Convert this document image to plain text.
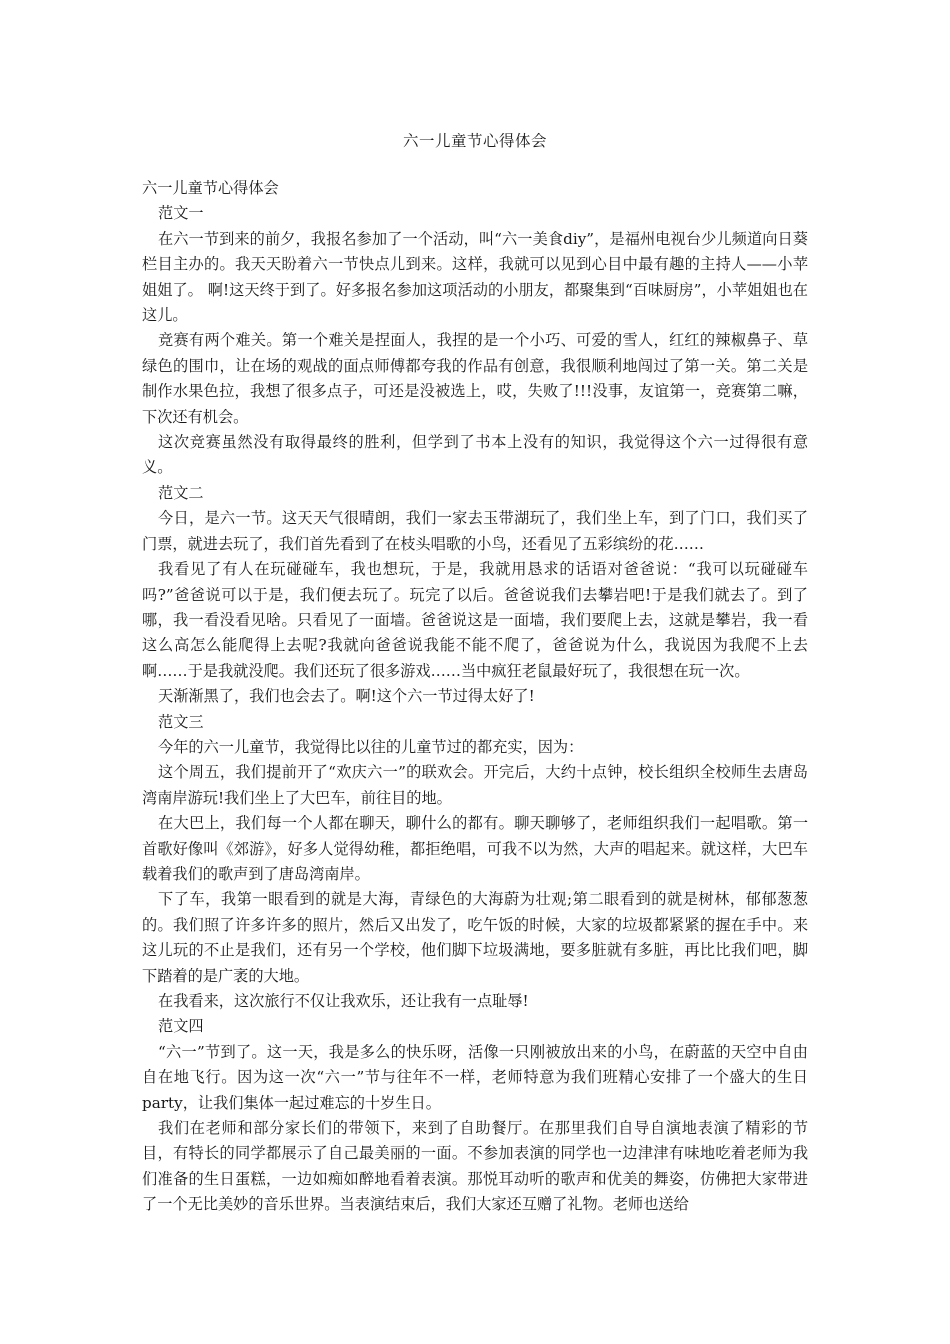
六一儿童节心得体会

六一儿童节心得体会

范文一

在六一节到来的前夕，我报名参加了一个活动，叫“六一美食diy”，是福州电视台少儿频道向日葵栏目主办的。我天天盼着六一节快点儿到来。这样，我就可以见到心目中最有趣的主持人——小苹姐姐了。 啊!这天终于到了。好多报名参加这项活动的小朋友，都聚集到“百味厨房”，小苹姐姐也在这儿。

竞赛有两个难关。第一个难关是捏面人，我捏的是一个小巧、可爱的雪人，红红的辣椒鼻子、草绿色的围巾，让在场的观战的面点师傅都夸我的作品有创意，我很顺利地闯过了第一关。第二关是制作水果色拉，我想了很多点子，可还是没被选上，哎，失败了!!!没事，友谊第一，竞赛第二嘛，下次还有机会。

这次竞赛虽然没有取得最终的胜利，但学到了书本上没有的知识，我觉得这个六一过得很有意义。

范文二

今日，是六一节。这天天气很晴朗，我们一家去玉带湖玩了，我们坐上车，到了门口，我们买了门票，就进去玩了，我们首先看到了在枝头唱歌的小鸟，还看见了五彩缤纷的花……

我看见了有人在玩碰碰车，我也想玩，于是，我就用恳求的话语对爸爸说：“我可以玩碰碰车吗?”爸爸说可以于是，我们便去玩了。玩完了以后。爸爸说我们去攀岩吧!于是我们就去了。到了哪，我一看没看见啥。只看见了一面墙。爸爸说这是一面墙，我们要爬上去，这就是攀岩，我一看这么高怎么能爬得上去呢?我就向爸爸说我能不能不爬了，爸爸说为什么，我说因为我爬不上去啊……于是我就没爬。我们还玩了很多游戏……当中疯狂老鼠最好玩了，我很想在玩一次。

天渐渐黑了，我们也会去了。啊!这个六一节过得太好了!

范文三

今年的六一儿童节，我觉得比以往的儿童节过的都充实，因为：

这个周五，我们提前开了“欢庆六一”的联欢会。开完后，大约十点钟，校长组织全校师生去唐岛湾南岸游玩!我们坐上了大巴车，前往目的地。

在大巴上，我们每一个人都在聊天，聊什么的都有。聊天聊够了，老师组织我们一起唱歌。第一首歌好像叫《郊游》，好多人觉得幼稚，都拒绝唱，可我不以为然，大声的唱起来。就这样，大巴车载着我们的歌声到了唐岛湾南岸。

下了车，我第一眼看到的就是大海，青绿色的大海蔚为壮观;第二眼看到的就是树林，郁郁葱葱的。我们照了许多许多的照片，然后又出发了，吃午饭的时候，大家的垃圾都紧紧的握在手中。来这儿玩的不止是我们，还有另一个学校，他们脚下垃圾满地，要多脏就有多脏，再比比我们吧，脚下踏着的是广袤的大地。

在我看来，这次旅行不仅让我欢乐，还让我有一点耻辱!

范文四

“六一”节到了。这一天，我是多么的快乐呀，活像一只刚被放出来的小鸟，在蔚蓝的天空中自由自在地飞行。因为这一次“六一”节与往年不一样，老师特意为我们班精心安排了一个盛大的生日party，让我们集体一起过难忘的十岁生日。

我们在老师和部分家长们的带领下，来到了自助餐厅。在那里我们自导自演地表演了精彩的节目，有特长的同学都展示了自己最美丽的一面。不参加表演的同学也一边津津有味地吃着老师为我们准备的生日蛋糕，一边如痴如醉地看着表演。那悦耳动听的歌声和优美的舞姿，仿佛把大家带进了一个无比美妙的音乐世界。当表演结束后，我们大家还互赠了礼物。老师也送给
